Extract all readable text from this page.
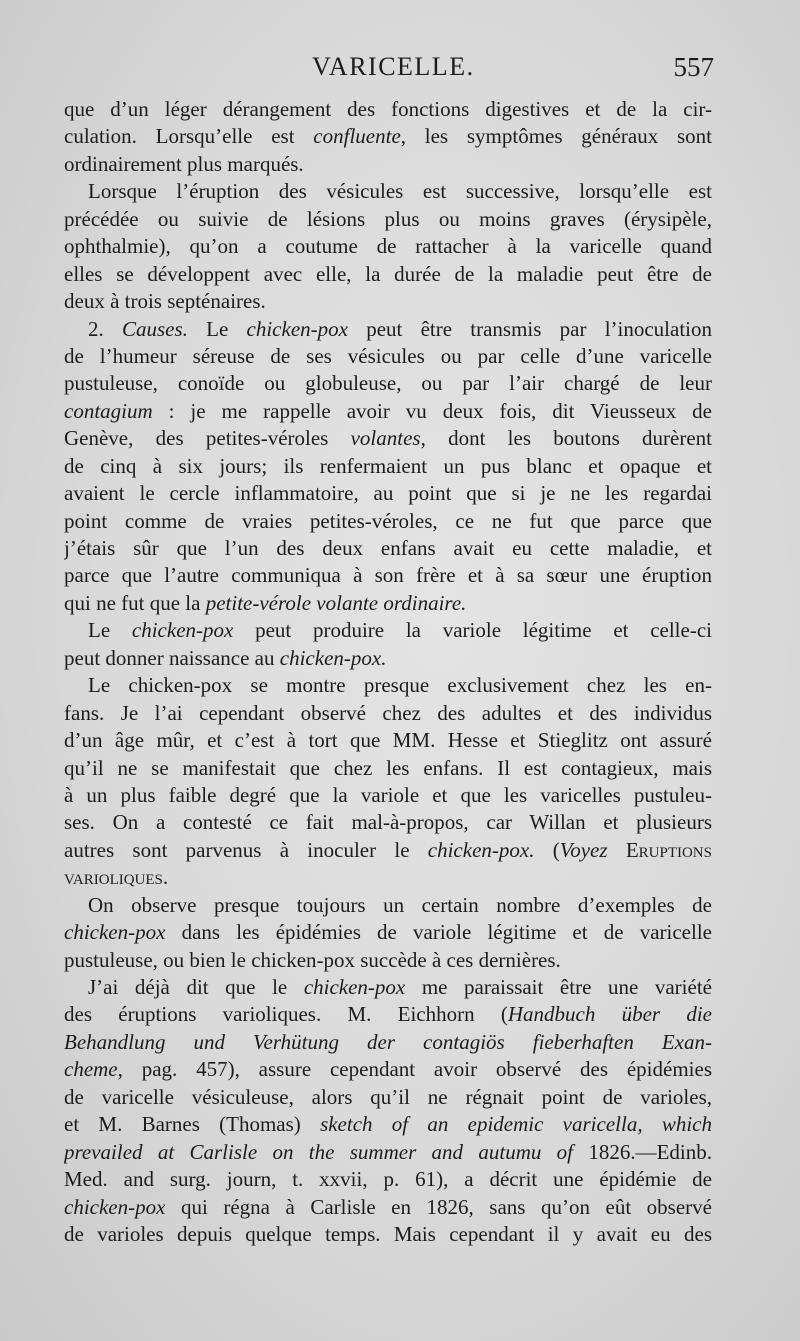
VARICELLE.	557
que d’un léger dérangement des fonctions digestives et de la cir-
culation. Lorsqu’elle est confluente, les symptômes généraux sont
ordinairement plus marqués.
Lorsque l’éruption des vésicules est successive, lorsqu’elle est
précédée ou suivie de lésions plus ou moins graves (érysipèle,
ophthalmie), qu’on a coutume de rattacher à la varicelle quand
elles se développent avec elle, la durée de la maladie peut être de
deux à trois septénaires.
2. Causes. Le chicken-pox peut être transmis par l’inoculation
de l’humeur séreuse de ses vésicules ou par celle d’une varicelle
pustuleuse, conoïde ou globuleuse, ou par l’air chargé de leur
contagium : je me rappelle avoir vu deux fois, dit Vieusseux de
Genève, des petites-véroles volantes, dont les boutons durèrent
de cinq à six jours; ils renfermaient un pus blanc et opaque et
avaient le cercle inflammatoire, au point que si je ne les regardai
point comme de vraies petites-véroles, ce ne fut que parce que
j’étais sûr que l’un des deux enfans avait eu cette maladie, et
parce que l’autre communiqua à son frère et à sa sœur une éruption
qui ne fut que la petite-vérole volante ordinaire.
Le chicken-pox peut produire la variole légitime et celle-ci
peut donner naissance au chicken-pox.
Le chicken-pox se montre presque exclusivement chez les en-
fans. Je l’ai cependant observé chez des adultes et des individus
d’un âge mûr, et c’est à tort que MM. Hesse et Stieglitz ont assuré
qu’il ne se manifestait que chez les enfans. Il est contagieux, mais
à un plus faible degré que la variole et que les varicelles pustuleu-
ses. On a contesté ce fait mal-à-propos, car Willan et plusieurs
autres sont parvenus à inoculer le chicken-pox. (Voyez Eruptions
varioliques.
On observe presque toujours un certain nombre d’exemples de
chicken-pox dans les épidémies de variole légitime et de varicelle
pustuleuse, ou bien le chicken-pox succède à ces dernières.
J’ai déjà dit que le chicken-pox me paraissait être une variété
des éruptions varioliques. M. Eichhorn (Handbuch über die
Behandlung und Verhütung der contagiös fieberhaften Exan-
cheme, pag. 457), assure cependant avoir observé des épidémies
de varicelle vésiculeuse, alors qu’il ne régnait point de varioles,
et M. Barnes (Thomas) sketch of an epidemic varicella, which
prevailed at Carlisle on the summer and autumu of 1826.—Edinb.
Med. and surg. journ, t. xxvii, p. 61), a décrit une épidémie de
chicken-pox qui régna à Carlisle en 1826, sans qu’on eût observé
de varioles depuis quelque temps. Mais cependant il y avait eu des
